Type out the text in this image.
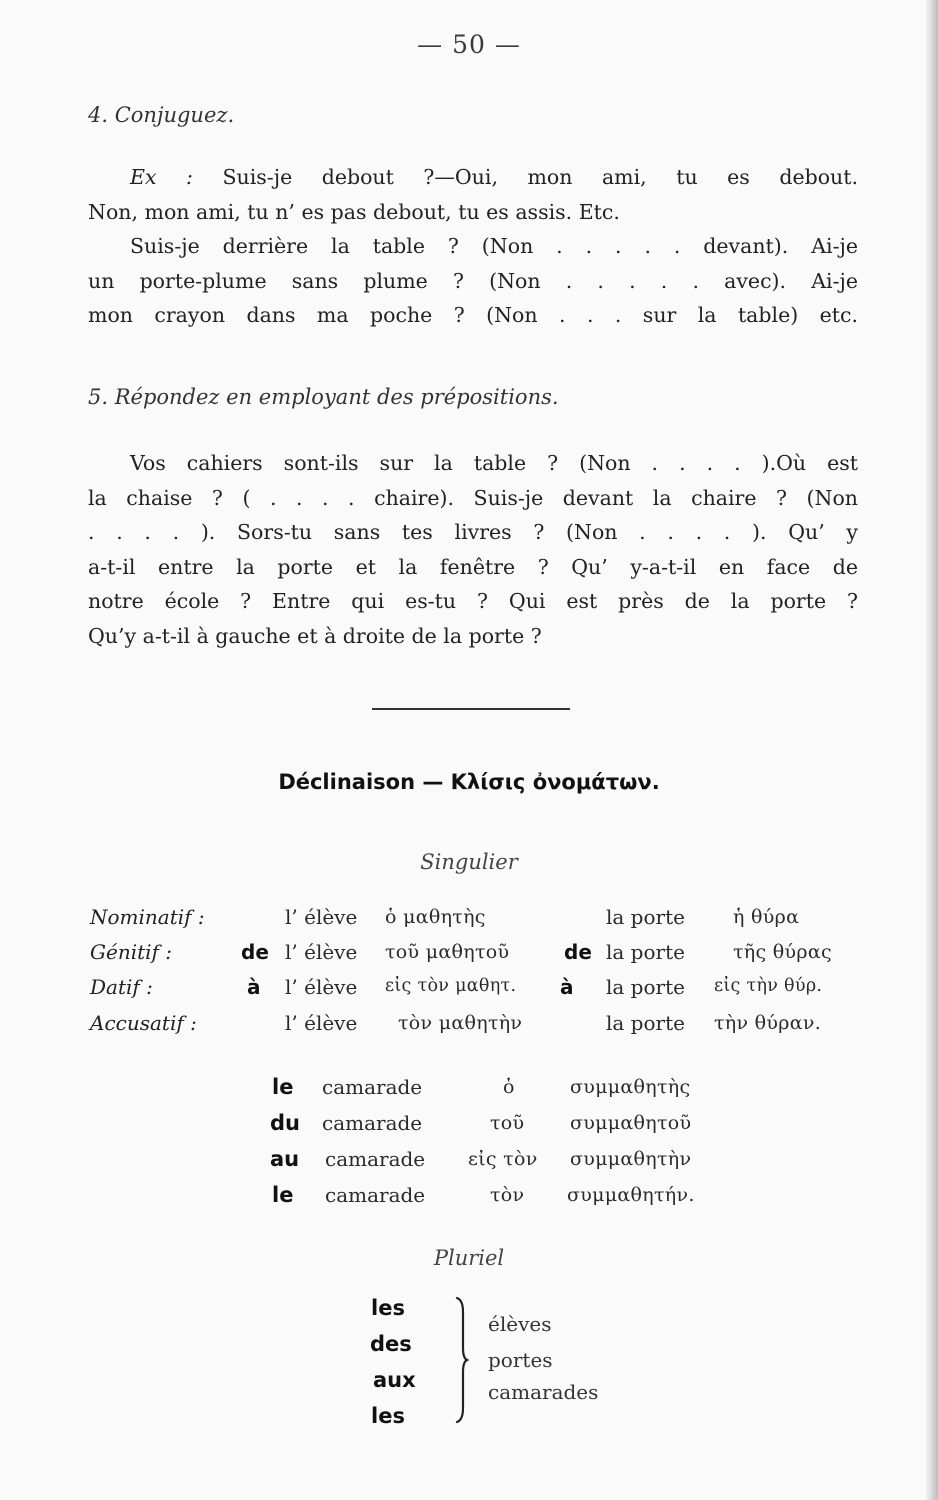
— 50 —
4. Conjuguez.
Ex : Suis-je debout ?—Oui, mon ami, tu es debout.
Non, mon ami, tu n’ es pas debout, tu es assis. Etc.
Suis-je derrière la table ? (Non . . . . . devant). Ai-je
un porte-plume sans plume ? (Non . . . . . avec). Ai-je
mon crayon dans ma poche ? (Non . . . sur la table) etc.
5. Répondez en employant des prépositions.
Vos cahiers sont-ils sur la table ? (Non . . . . ).Où est
la chaise ? ( . . . . chaire). Suis-je devant la chaire ? (Non
. . . . ). Sors-tu sans tes livres ? (Non . . . . ). Qu’ y
a-t-il entre la porte et la fenêtre ? Qu’ y-a-t-il en face de
notre école ? Entre qui es-tu ? Qui est près de la porte ?
Qu’y a-t-il à gauche et à droite de la porte ?
Déclinaison — Κλίσις ὀνομάτων.
Singulier
Nominatif :	l’ élève ὁ μαθητὴς	la porte	ἡ θύρα
Génitif :	de l’ élève τοῦ μαθητοῦ	de la porte	τῆς θύρας
Datif :	à l’ élève εἰς τὸν μαθητ. à la porte εἰς τὴν θύρ.
Accusatif :	l’ élève τὸν μαθητὴν	la porte τὴν θύραν.
le camarade	ὁ	συμμαθητὴς
du camarade	τοῦ συμμαθητοῦ
au camarade εἰς τὸν συμμαθητὴν
le camarade	τὸν συμμαθητήν.
Pluriel
les
des
aux
les
élèves
portes
camarades
